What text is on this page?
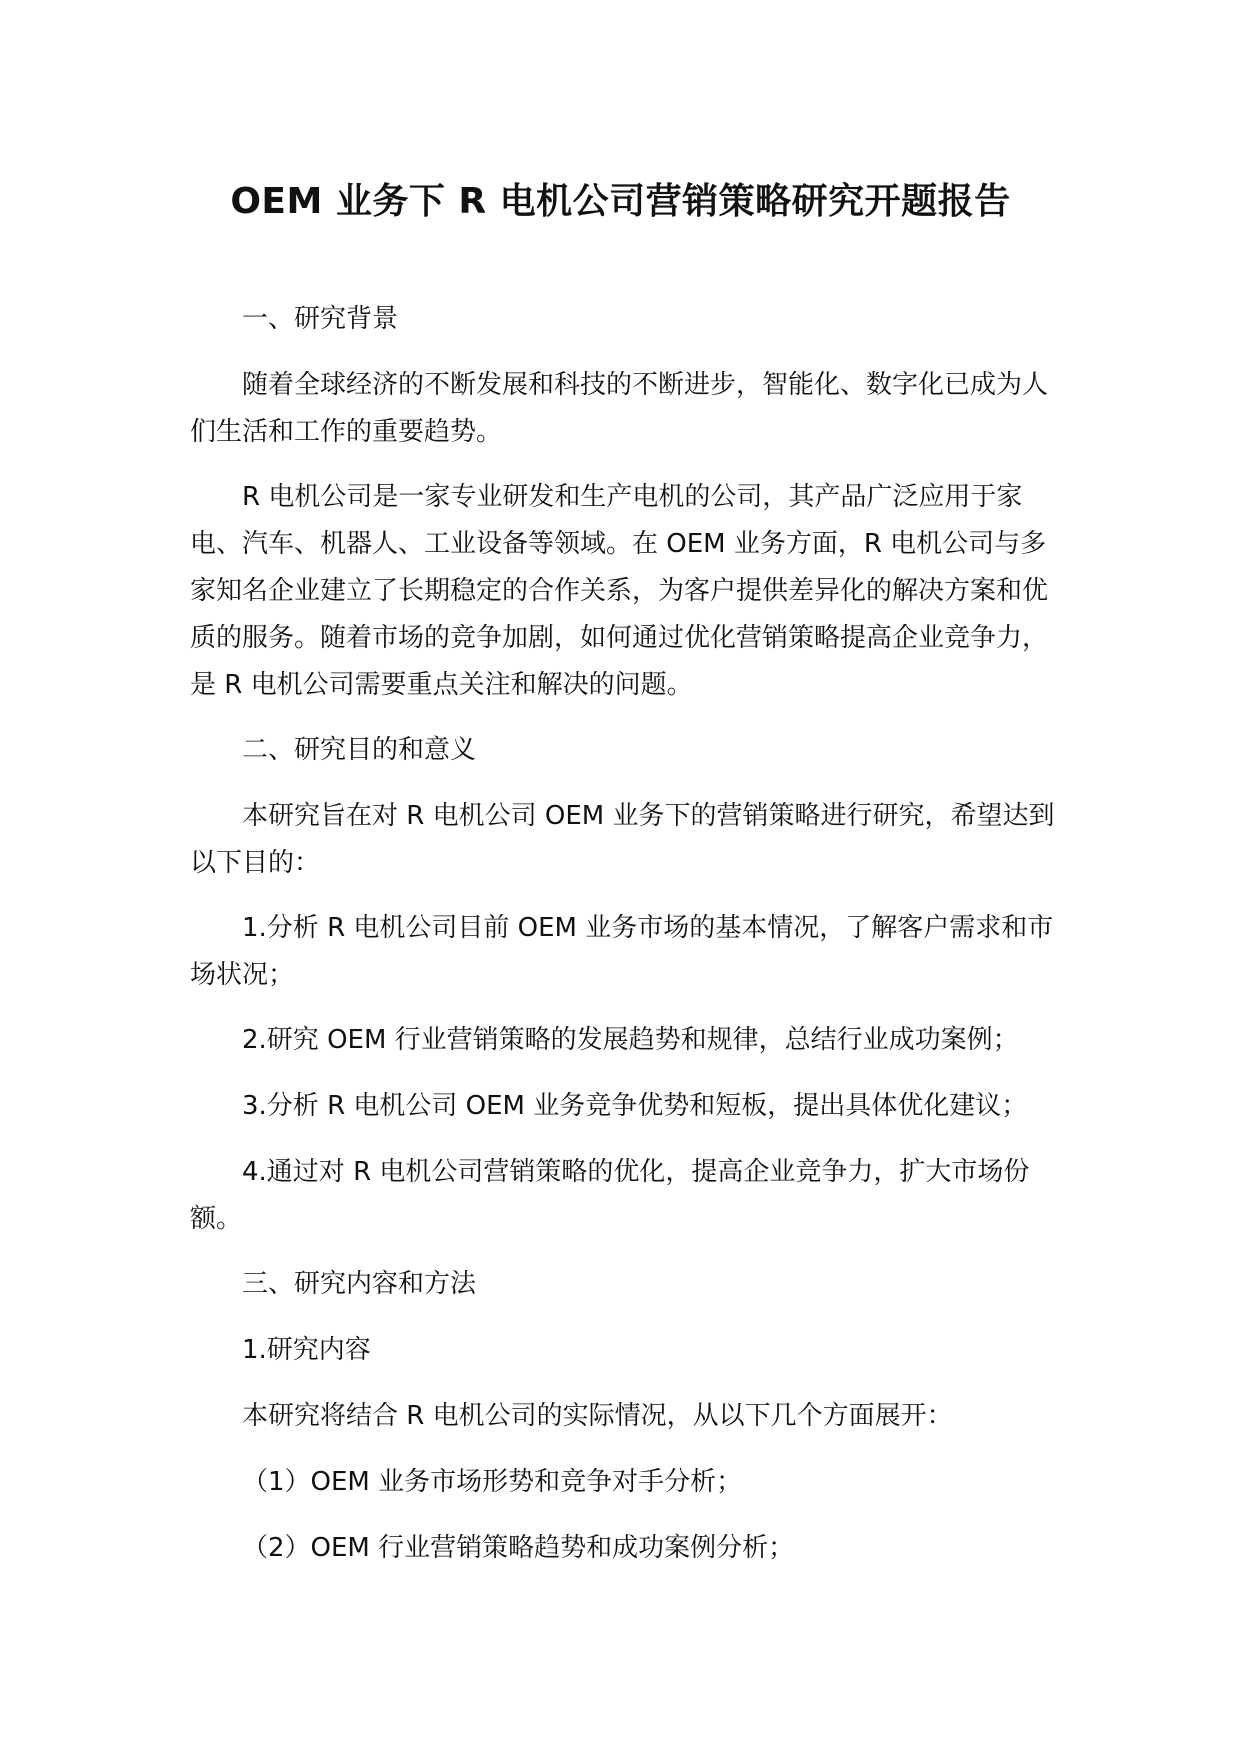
OEM 业务下 R 电机公司营销策略研究开题报告

一、研究背景

随着全球经济的不断发展和科技的不断进步，智能化、数字化已成为人们生活和工作的重要趋势。

R 电机公司是一家专业研发和生产电机的公司，其产品广泛应用于家电、汽车、机器人、工业设备等领域。在 OEM 业务方面，R 电机公司与多家知名企业建立了长期稳定的合作关系，为客户提供差异化的解决方案和优质的服务。随着市场的竞争加剧，如何通过优化营销策略提高企业竞争力，是 R 电机公司需要重点关注和解决的问题。

二、研究目的和意义

本研究旨在对 R 电机公司 OEM 业务下的营销策略进行研究，希望达到以下目的：

1.分析 R 电机公司目前 OEM 业务市场的基本情况，了解客户需求和市场状况；

2.研究 OEM 行业营销策略的发展趋势和规律，总结行业成功案例；

3.分析 R 电机公司 OEM 业务竞争优势和短板，提出具体优化建议；

4.通过对 R 电机公司营销策略的优化，提高企业竞争力，扩大市场份额。

三、研究内容和方法

1.研究内容

本研究将结合 R 电机公司的实际情况，从以下几个方面展开：

（1）OEM 业务市场形势和竞争对手分析；

（2）OEM 行业营销策略趋势和成功案例分析；
